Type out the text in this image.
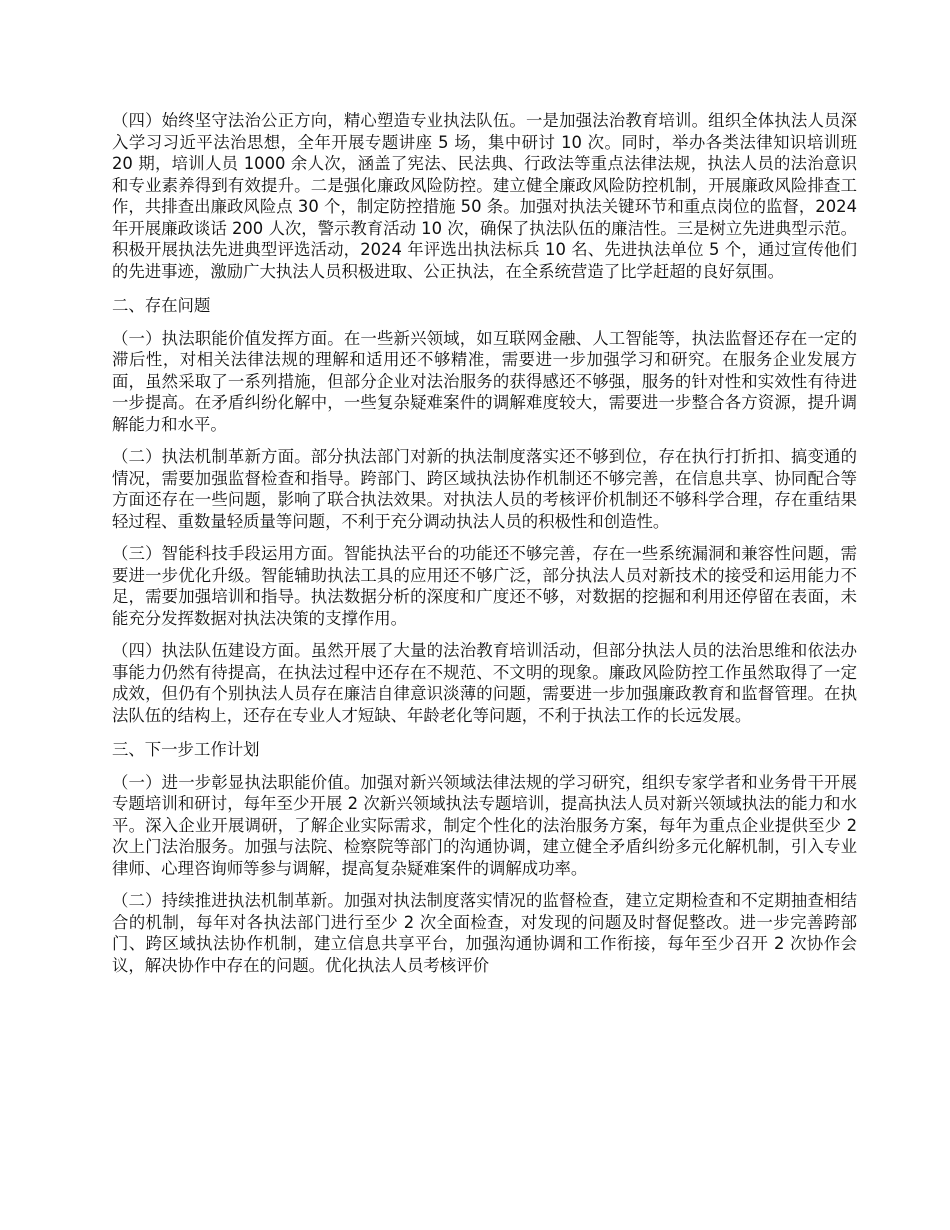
（四）始终坚守法治公正方向，精心塑造专业执法队伍。一是加强法治教育培训。组织全体执法人员深入学习习近平法治思想，全年开展专题讲座 5 场，集中研讨 10 次。同时，举办各类法律知识培训班 20 期，培训人员 1000 余人次，涵盖了宪法、民法典、行政法等重点法律法规，执法人员的法治意识和专业素养得到有效提升。二是强化廉政风险防控。建立健全廉政风险防控机制，开展廉政风险排查工作，共排查出廉政风险点 30 个，制定防控措施 50 条。加强对执法关键环节和重点岗位的监督，2024 年开展廉政谈话 200 人次，警示教育活动 10 次，确保了执法队伍的廉洁性。三是树立先进典型示范。积极开展执法先进典型评选活动，2024 年评选出执法标兵 10 名、先进执法单位 5 个，通过宣传他们的先进事迹，激励广大执法人员积极进取、公正执法，在全系统营造了比学赶超的良好氛围。

二、存在问题

（一）执法职能价值发挥方面。在一些新兴领域，如互联网金融、人工智能等，执法监督还存在一定的滞后性，对相关法律法规的理解和适用还不够精准，需要进一步加强学习和研究。在服务企业发展方面，虽然采取了一系列措施，但部分企业对法治服务的获得感还不够强，服务的针对性和实效性有待进一步提高。在矛盾纠纷化解中，一些复杂疑难案件的调解难度较大，需要进一步整合各方资源，提升调解能力和水平。

（二）执法机制革新方面。部分执法部门对新的执法制度落实还不够到位，存在执行打折扣、搞变通的情况，需要加强监督检查和指导。跨部门、跨区域执法协作机制还不够完善，在信息共享、协同配合等方面还存在一些问题，影响了联合执法效果。对执法人员的考核评价机制还不够科学合理，存在重结果轻过程、重数量轻质量等问题，不利于充分调动执法人员的积极性和创造性。

（三）智能科技手段运用方面。智能执法平台的功能还不够完善，存在一些系统漏洞和兼容性问题，需要进一步优化升级。智能辅助执法工具的应用还不够广泛，部分执法人员对新技术的接受和运用能力不足，需要加强培训和指导。执法数据分析的深度和广度还不够，对数据的挖掘和利用还停留在表面，未能充分发挥数据对执法决策的支撑作用。

（四）执法队伍建设方面。虽然开展了大量的法治教育培训活动，但部分执法人员的法治思维和依法办事能力仍然有待提高，在执法过程中还存在不规范、不文明的现象。廉政风险防控工作虽然取得了一定成效，但仍有个别执法人员存在廉洁自律意识淡薄的问题，需要进一步加强廉政教育和监督管理。在执法队伍的结构上，还存在专业人才短缺、年龄老化等问题，不利于执法工作的长远发展。

三、下一步工作计划

（一）进一步彰显执法职能价值。加强对新兴领域法律法规的学习研究，组织专家学者和业务骨干开展专题培训和研讨，每年至少开展 2 次新兴领域执法专题培训，提高执法人员对新兴领域执法的能力和水平。深入企业开展调研，了解企业实际需求，制定个性化的法治服务方案，每年为重点企业提供至少 2 次上门法治服务。加强与法院、检察院等部门的沟通协调，建立健全矛盾纠纷多元化解机制，引入专业律师、心理咨询师等参与调解，提高复杂疑难案件的调解成功率。

（二）持续推进执法机制革新。加强对执法制度落实情况的监督检查，建立定期检查和不定期抽查相结合的机制，每年对各执法部门进行至少 2 次全面检查，对发现的问题及时督促整改。进一步完善跨部门、跨区域执法协作机制，建立信息共享平台，加强沟通协调和工作衔接，每年至少召开 2 次协作会议，解决协作中存在的问题。优化执法人员考核评价
